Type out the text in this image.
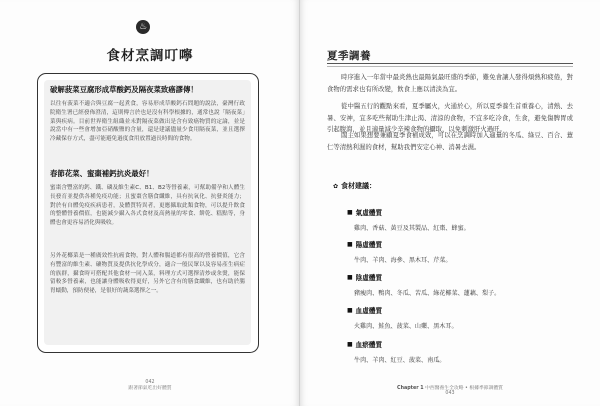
♨
食材烹調叮嚀
破解菠菜豆腐形成草酸鈣及隔夜菜致癌謬傳！
以往有菠菜不適合與豆腐一起煮食，容易形成草酸鈣石問題的說法，臺灣行政院衛生署已經發佈澄清，這則傳言於也是沒有科學根據的，通常也說「隔夜菜」菜與疾病。目前世界衛生組織並未對隔夜菜做出是含有致癌物質的定論，並是說當中有一些會增加亞硝酸鹽的含量，還是建議儘量少食用隔夜菜，並且選擇冷藏保存方式，盡可能避免過度食用放置過長時間的食物。
春節花菜、蜜棗補鈣抗炎最好！
蜜棗含豐富的鈣、鐵、磷及維生素C、B1、B2等營養素，可幫助備孕和人體生長發育並提供各種免疫功能；且蜜棗含膳食纖維，具有抗氧化、抗發炎能力；對於有自體免疫疾病患者，及體質特異者，更應攝取此類食物，可以提升飲食的整體營養價值，也能減少攝入各式食材及高熱量的零食、餅乾、糕點等，身體也會更容易消化與吸收。
另外花椰菜是一種廣效性抗癌食物，對人體和腸道都有很高的營養價值，它含有豐富的維生素、礦物質及提供抗化學成分，適合一般民眾以及容易產生病症的族群，攝食時可搭配其他食材一同入菜，料理方式可選擇清炒或汆燙，能保留較多營養素，也能讓身體吸收得更好，另外它含有的膳食纖維，也有助於腸胃蠕動，預防便祕，是很好的蔬菜選擇之一。
042
跟著節氣吃出好體質
夏季調養
時序進入一年當中最炎熱也最陽氣最旺盛的季節，難免會讓人發得煩熱和疲倦，對食物的需求也有所改變，飲食上應以清淡為宜。
從中醫五行的觀點來看，夏季屬火，火通於心，所以夏季養生首重養心，清熱、去暑、安神，宜多吃些幫助生津止渴、清涼的食物，不宜多吃冷食，生食，避免傷脾胃或引起腹瀉，並且適量減少辛辣食物的攝取，以免刺激肝火過旺。
闊主如果想要兼顧夏季食補成效，可以在烹調時加入適量的冬瓜、綠豆、百合、薏仁等清熱利濕的食材，幫助我們安定心神、消暑去濕。
✿ 食材建議：
■ 氣虛體質
雞肉、香菇、黃豆及其製品、紅棗、蜂蜜。
■ 陽虛體質
牛肉、羊肉、海參、黑木耳、芹菜。
■ 陰虛體質
豬瘦肉、鴨肉、冬瓜、苦瓜、綠花椰菜、蓮藕、梨子。
■ 血虛體質
火雞肉、鮭魚、菠菜、山藥、黑木耳。
■ 血瘀體質
牛肉、羊肉、紅豆、菠菜、南瓜。
Chapter 1 中西醫養生全攻略 • 根據季節調體質
043
